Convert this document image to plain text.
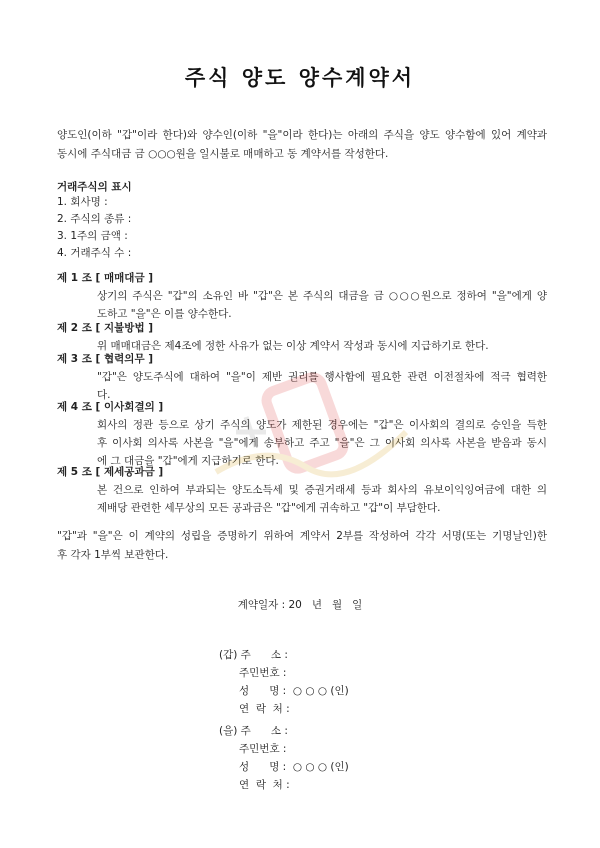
주식 양도 양수계약서

양도인(이하 "갑"이라 한다)와 양수인(이하 "을"이라 한다)는 아래의 주식을 양도 양수함에 있어 계약과

동시에 주식대금 금 ○○○원을 일시불로 매매하고 동 계약서를 작성한다.

거래주식의 표시
1. 회사명 :
2. 주식의 종류 :
3. 1주의 금액 :
4. 거래주식 수 :
제 1 조 [ 매매대금 ]
상기의 주식은 "갑"의 소유인 바 "갑"은 본 주식의 대금을 금 ○○○원으로 정하여 "을"에게 양
도하고 "을"은 이를 양수한다.
제 2 조 [ 지불방법 ]
위 매매대금은 제4조에 정한 사유가 없는 이상 계약서 작성과 동시에 지급하기로 한다.
제 3 조 [ 협력의무 ]
"갑"은 양도주식에 대하여 "을"이 제반 권리를 행사함에 필요한 관련 이전절차에 적극 협력한
다.
제 4 조 [ 이사회결의 ]
회사의 정관 등으로 상기 주식의 양도가 제한된 경우에는 "갑"은 이사회의 결의로 승인을 득한
후 이사회 의사록 사본을 "을"에게 송부하고 주고 "을"은 그 이사회 의사록 사본을 받음과 동시
에 그 대금을 "갑"에게 지급하기로 한다.
제 5 조 [ 제세공과금 ]
본 건으로 인하여 부과되는 양도소득세 및 증권거래세 등과 회사의 유보이익잉여금에 대한 의
제배당 관련한 세무상의 모든 공과금은 "갑"에게 귀속하고 "갑"이 부담한다.
"갑"과 "을"은 이 계약의 성립을 증명하기 위하여 계약서 2부를 작성하여 각각 서명(또는 기명날인)한
후 각자 1부씩 보관한다.
계약일자 : 20   년   월   일
(갑) 주      소 :
주민번호 :
성      명 :  ○ ○ ○ (인)
연  락  처 :
(을) 주      소 :
주민번호 :
성      명 :  ○ ○ ○ (인)
연  락  처 :
